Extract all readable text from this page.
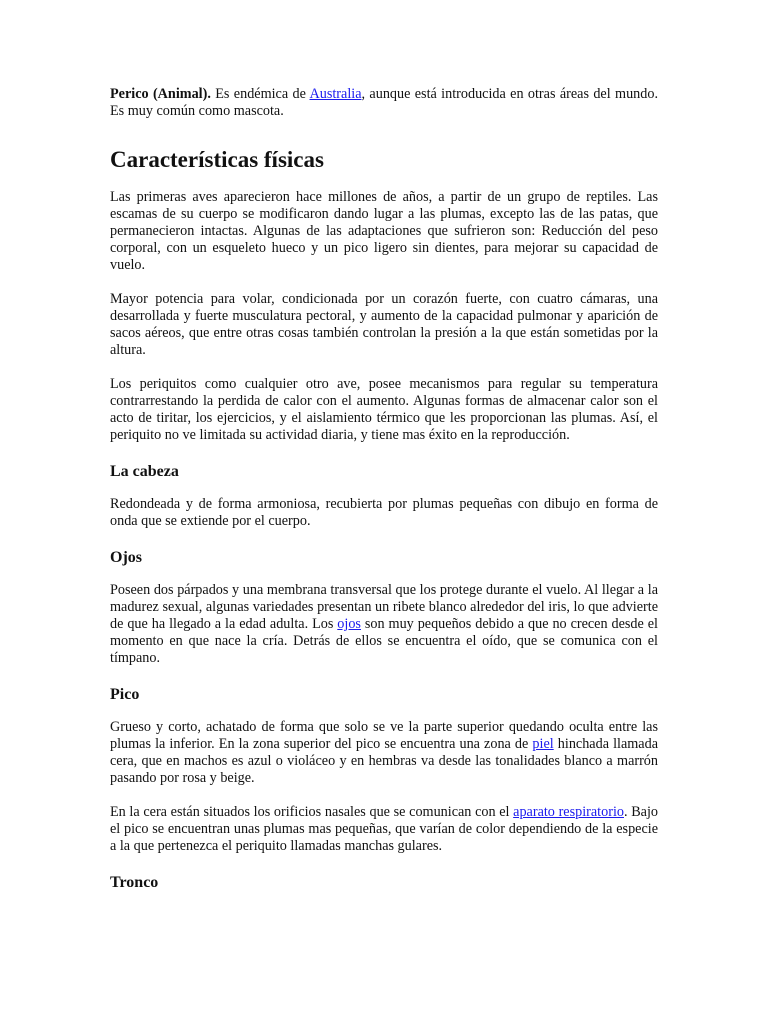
Perico (Animal). Es endémica de Australia, aunque está introducida en otras áreas del mundo. Es muy común como mascota.

Características físicas

Las primeras aves aparecieron hace millones de años, a partir de un grupo de reptiles. Las escamas de su cuerpo se modificaron dando lugar a las plumas, excepto las de las patas, que permanecieron intactas. Algunas de las adaptaciones que sufrieron son: Reducción del peso corporal, con un esqueleto hueco y un pico ligero sin dientes, para mejorar su capacidad de vuelo.

Mayor potencia para volar, condicionada por un corazón fuerte, con cuatro cámaras, una desarrollada y fuerte musculatura pectoral, y aumento de la capacidad pulmonar y aparición de sacos aéreos, que entre otras cosas también controlan la presión a la que están sometidas por la altura.

Los periquitos como cualquier otro ave, posee mecanismos para regular su temperatura contrarrestando la perdida de calor con el aumento. Algunas formas de almacenar calor son el acto de tiritar, los ejercicios, y el aislamiento térmico que les proporcionan las plumas. Así, el periquito no ve limitada su actividad diaria, y tiene mas éxito en la reproducción.

La cabeza

Redondeada y de forma armoniosa, recubierta por plumas pequeñas con dibujo en forma de onda que se extiende por el cuerpo.

Ojos

Poseen dos párpados y una membrana transversal que los protege durante el vuelo. Al llegar a la madurez sexual, algunas variedades presentan un ribete blanco alrededor del iris, lo que advierte de que ha llegado a la edad adulta. Los ojos son muy pequeños debido a que no crecen desde el momento en que nace la cría. Detrás de ellos se encuentra el oído, que se comunica con el tímpano.

Pico

Grueso y corto, achatado de forma que solo se ve la parte superior quedando oculta entre las plumas la inferior. En la zona superior del pico se encuentra una zona de piel hinchada llamada cera, que en machos es azul o violáceo y en hembras va desde las tonalidades blanco a marrón pasando por rosa y beige.

En la cera están situados los orificios nasales que se comunican con el aparato respiratorio. Bajo el pico se encuentran unas plumas mas pequeñas, que varían de color dependiendo de la especie a la que pertenezca el periquito llamadas manchas gulares.

Tronco
